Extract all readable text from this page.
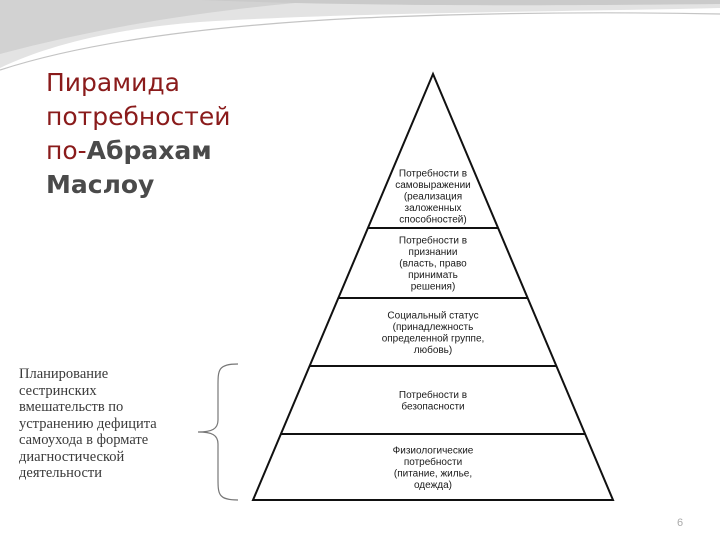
Пирамида
потребностей
по-Абрахам
Маслоу
Планирование
сестринских
вмешательств по
устранению дефицита
самоухода в формате
диагностической
деятельности
Потребности в
самовыражении
(реализация
заложенных
способностей)
Потребности в
признании
(власть, право
принимать
решения)
Социальный статус
(принадлежность
определенной группе,
любовь)
Потребности в
безопасности
Физиологические
потребности
(питание, жилье,
одежда)
6
